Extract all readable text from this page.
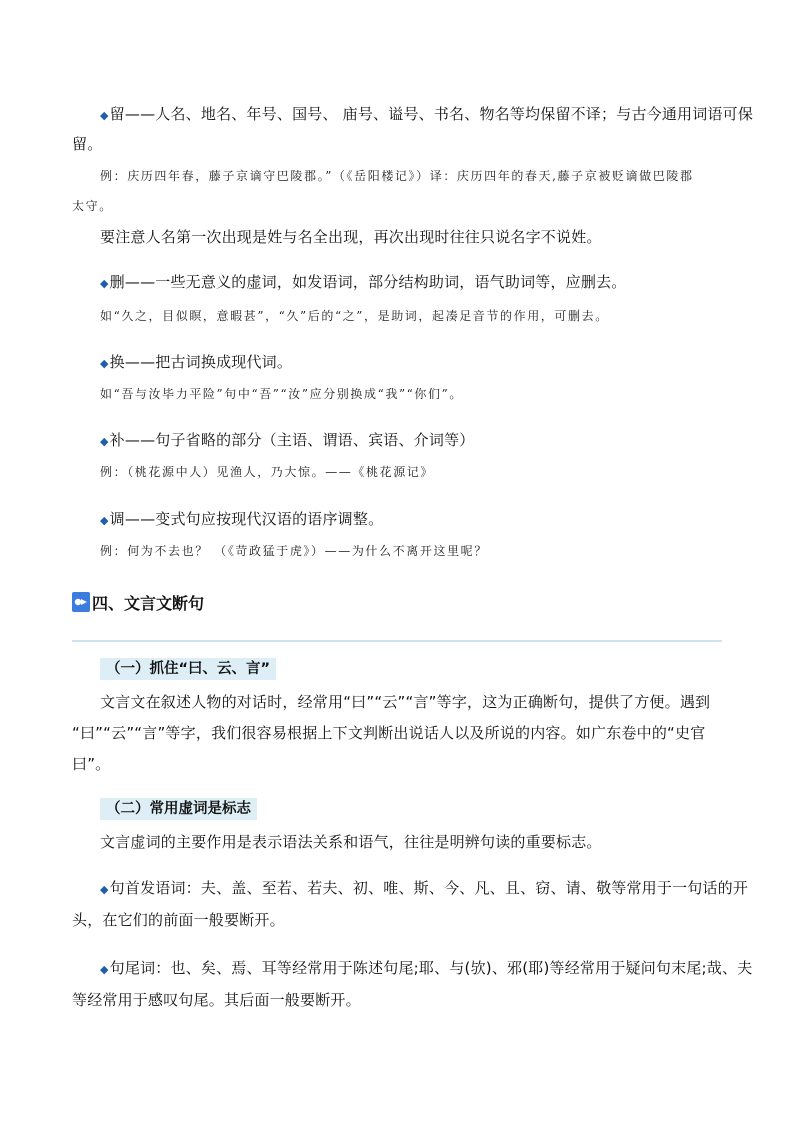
◆留——人名、地名、年号、国号、 庙号、谥号、书名、物名等均保留不译；与古今通用词语可保
留。
例：庆历四年春，藤子京谪守巴陵郡。”（《岳阳楼记》）译：庆历四年的春天,藤子京被贬谪做巴陵郡
太守。
要注意人名第一次出现是姓与名全出现，再次出现时往往只说名字不说姓。
◆删——一些无意义的虚词，如发语词，部分结构助词，语气助词等，应删去。
如“久之，目似瞑，意暇甚”，“久”后的“之”，是助词，起凑足音节的作用，可删去。
◆换——把古词换成现代词。
如“吾与汝毕力平险”句中“吾”“汝”应分别换成“我”“你们”。
◆补——句子省略的部分（主语、谓语、宾语、介词等）
例：（桃花源中人）见渔人，乃大惊。——《桃花源记》
◆调——变式句应按现代汉语的语序调整。
例：何为不去也？ （《苛政猛于虎》）——为什么不离开这里呢？
四、文言文断句
（一）抓住“曰、云、言”
文言文在叙述人物的对话时，经常用“曰”“云”“言”等字，这为正确断句，提供了方便。遇到
“曰”“云”“言”等字，我们很容易根据上下文判断出说话人以及所说的内容。如广东卷中的“史官
曰”。
（二）常用虚词是标志
文言虚词的主要作用是表示语法关系和语气，往往是明辨句读的重要标志。
◆句首发语词：夫、盖、至若、若夫、初、唯、斯、今、凡、且、窃、请、敬等常用于一句话的开
头，在它们的前面一般要断开。
◆句尾词：也、矣、焉、耳等经常用于陈述句尾;耶、与(欤)、邪(耶)等经常用于疑问句末尾;哉、夫
等经常用于感叹句尾。其后面一般要断开。
